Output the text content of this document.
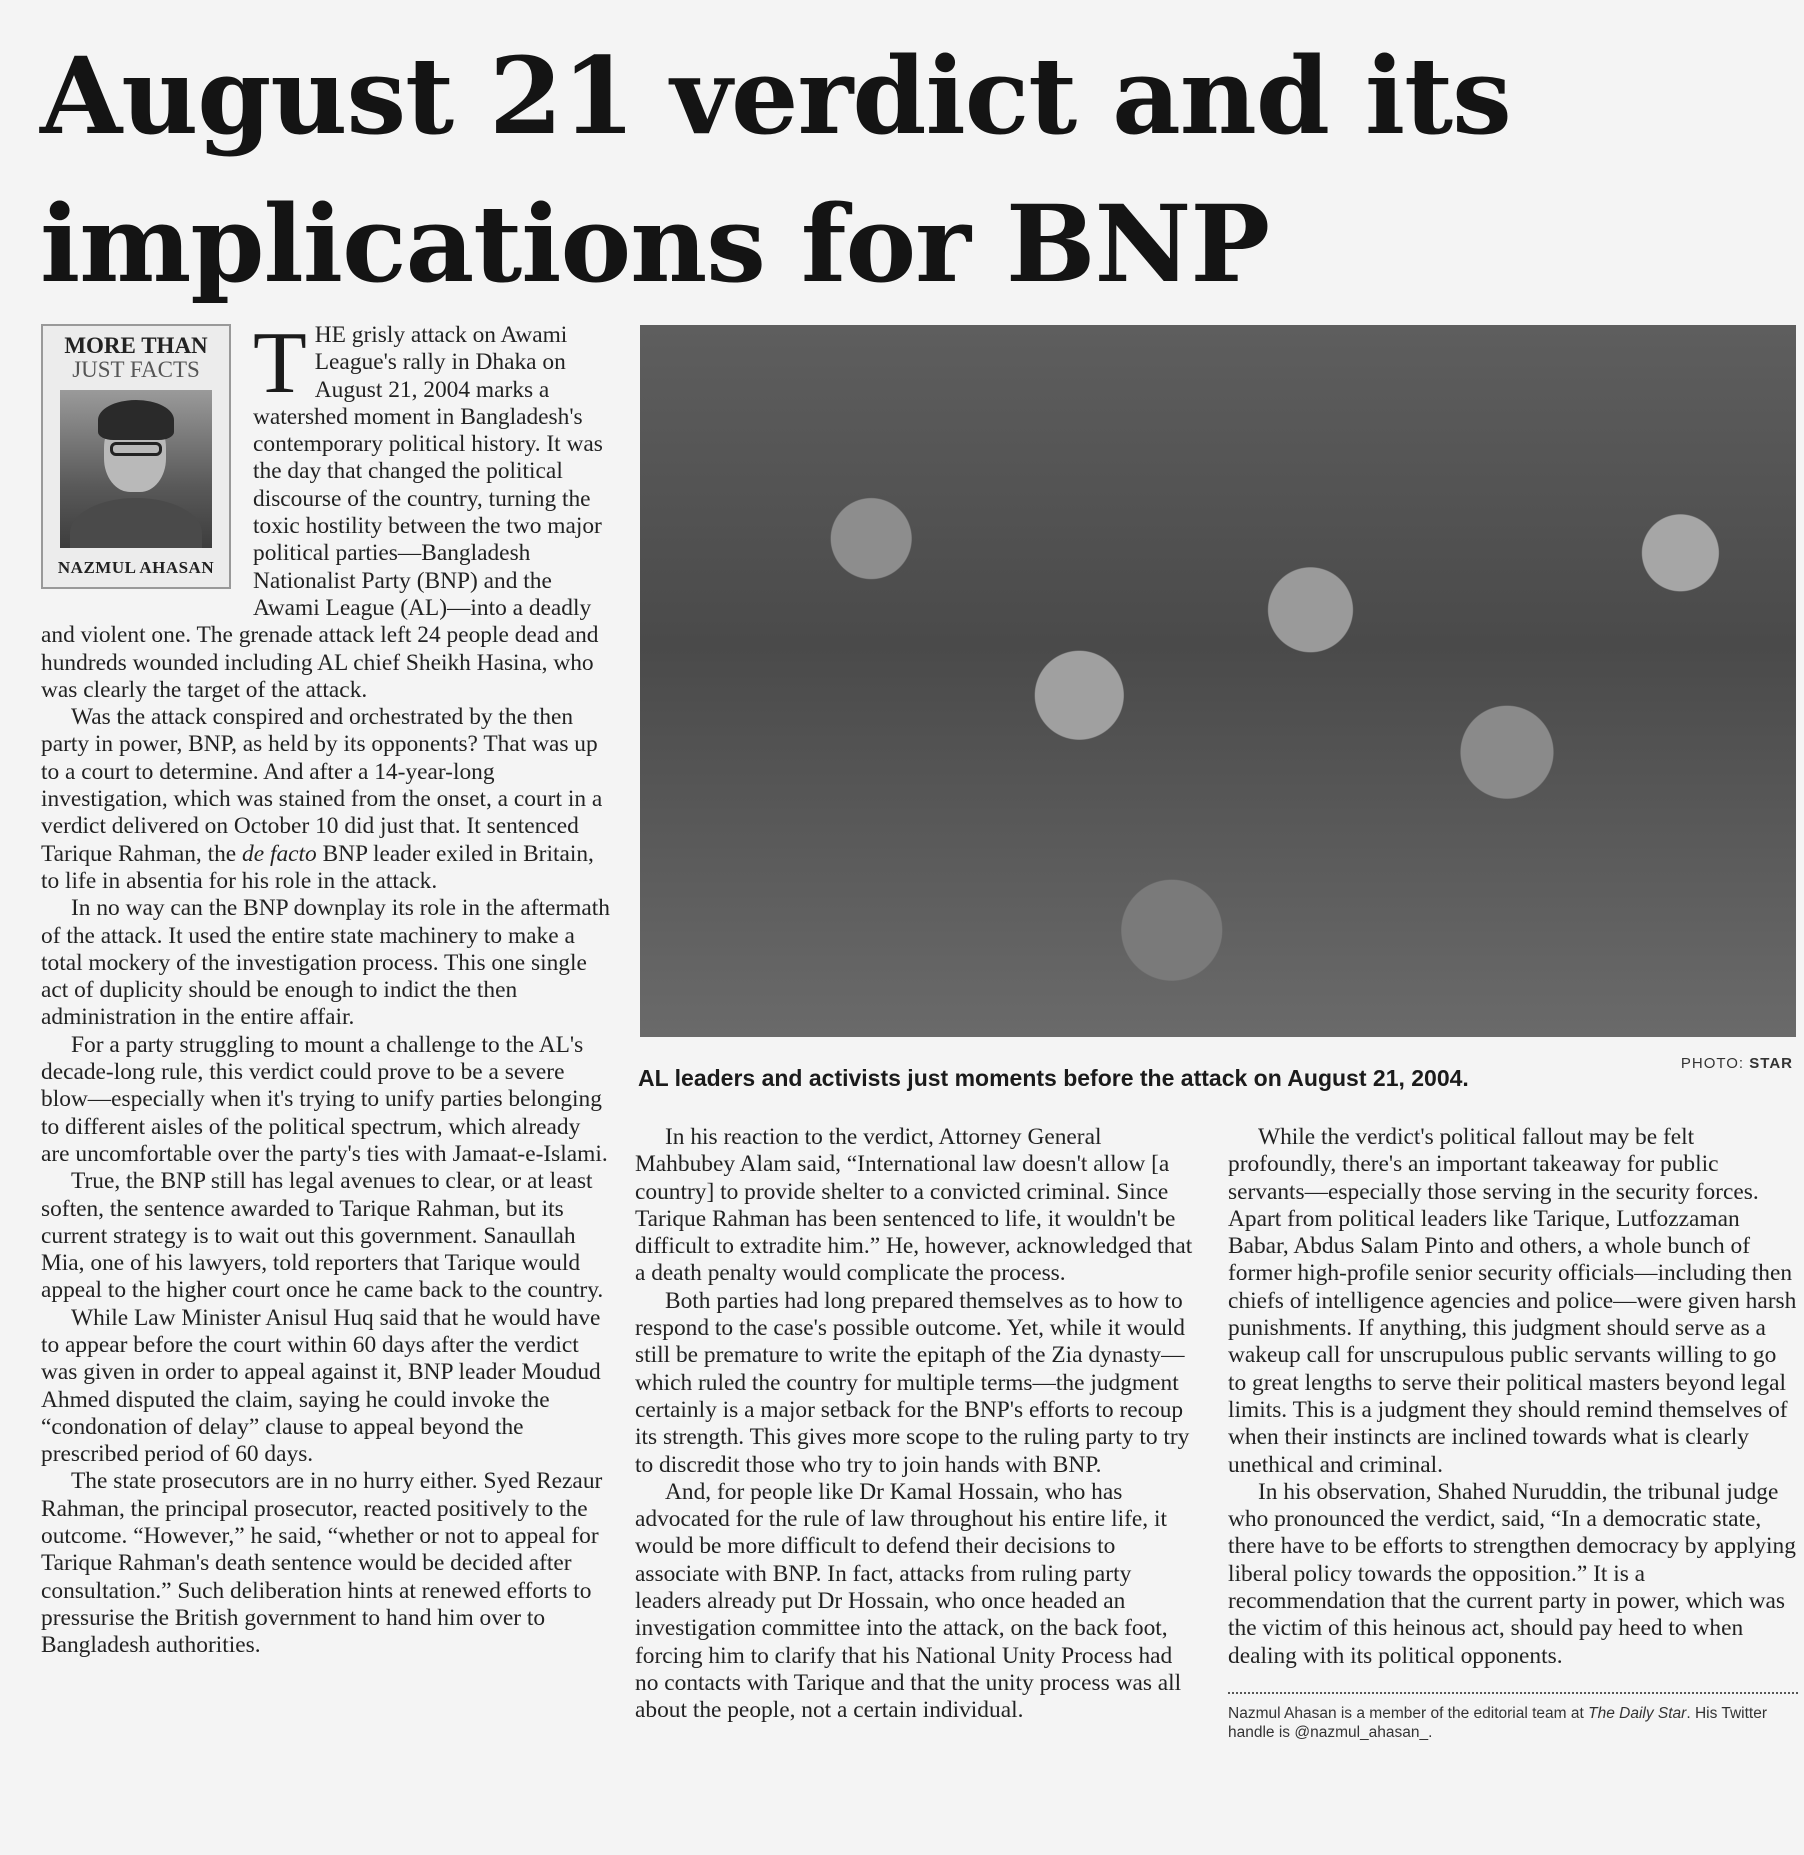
August 21 verdict and its implications for BNP
MORE THAN
JUST FACTS
NAZMUL AHASAN

THE grisly attack on Awami League's rally in Dhaka on August 21, 2004 marks a watershed moment in Bangladesh's contemporary political history. It was the day that changed the political discourse of the country, turning the toxic hostility between the two major political parties—Bangladesh Nationalist Party (BNP) and the Awami League (AL)—into a deadly and violent one. The grenade attack left 24 people dead and hundreds wounded including AL chief Sheikh Hasina, who was clearly the target of the attack.

Was the attack conspired and orchestrated by the then party in power, BNP, as held by its opponents? That was up to a court to determine. And after a 14-year-long investigation, which was stained from the onset, a court in a verdict delivered on October 10 did just that. It sentenced Tarique Rahman, the de facto BNP leader exiled in Britain, to life in absentia for his role in the attack.

In no way can the BNP downplay its role in the aftermath of the attack. It used the entire state machinery to make a total mockery of the investigation process. This one single act of duplicity should be enough to indict the then administration in the entire affair.

For a party struggling to mount a challenge to the AL's decade-long rule, this verdict could prove to be a severe blow—especially when it's trying to unify parties belonging to different aisles of the political spectrum, which already are uncomfortable over the party's ties with Jamaat-e-Islami.

True, the BNP still has legal avenues to clear, or at least soften, the sentence awarded to Tarique Rahman, but its current strategy is to wait out this government. Sanaullah Mia, one of his lawyers, told reporters that Tarique would appeal to the higher court once he came back to the country.

While Law Minister Anisul Huq said that he would have to appear before the court within 60 days after the verdict was given in order to appeal against it, BNP leader Moudud Ahmed disputed the claim, saying he could invoke the “condonation of delay” clause to appeal beyond the prescribed period of 60 days.

The state prosecutors are in no hurry either. Syed Rezaur Rahman, the principal prosecutor, reacted positively to the outcome. “However,” he said, “whether or not to appeal for Tarique Rahman's death sentence would be decided after consultation.” Such deliberation hints at renewed efforts to pressurise the British government to hand him over to Bangladesh authorities.

PHOTO: STAR
AL leaders and activists just moments before the attack on August 21, 2004.

In his reaction to the verdict, Attorney General Mahbubey Alam said, “International law doesn't allow [a country] to provide shelter to a convicted criminal. Since Tarique Rahman has been sentenced to life, it wouldn't be difficult to extradite him.” He, however, acknowledged that a death penalty would complicate the process.

Both parties had long prepared themselves as to how to respond to the case's possible outcome. Yet, while it would still be premature to write the epitaph of the Zia dynasty—which ruled the country for multiple terms—the judgment certainly is a major setback for the BNP's efforts to recoup its strength. This gives more scope to the ruling party to try to discredit those who try to join hands with BNP.

And, for people like Dr Kamal Hossain, who has advocated for the rule of law throughout his entire life, it would be more difficult to defend their decisions to associate with BNP. In fact, attacks from ruling party leaders already put Dr Hossain, who once headed an investigation committee into the attack, on the back foot, forcing him to clarify that his National Unity Process had no contacts with Tarique and that the unity process was all about the people, not a certain individual.

While the verdict's political fallout may be felt profoundly, there's an important takeaway for public servants—especially those serving in the security forces. Apart from political leaders like Tarique, Lutfozzaman Babar, Abdus Salam Pinto and others, a whole bunch of former high-profile senior security officials—including then chiefs of intelligence agencies and police—were given harsh punishments. If anything, this judgment should serve as a wakeup call for unscrupulous public servants willing to go to great lengths to serve their political masters beyond legal limits. This is a judgment they should remind themselves of when their instincts are inclined towards what is clearly unethical and criminal.

In his observation, Shahed Nuruddin, the tribunal judge who pronounced the verdict, said, “In a democratic state, there have to be efforts to strengthen democracy by applying liberal policy towards the opposition.” It is a recommendation that the current party in power, which was the victim of this heinous act, should pay heed to when dealing with its political opponents.

Nazmul Ahasan is a member of the editorial team at The Daily Star. His Twitter handle is @nazmul_ahasan_.
